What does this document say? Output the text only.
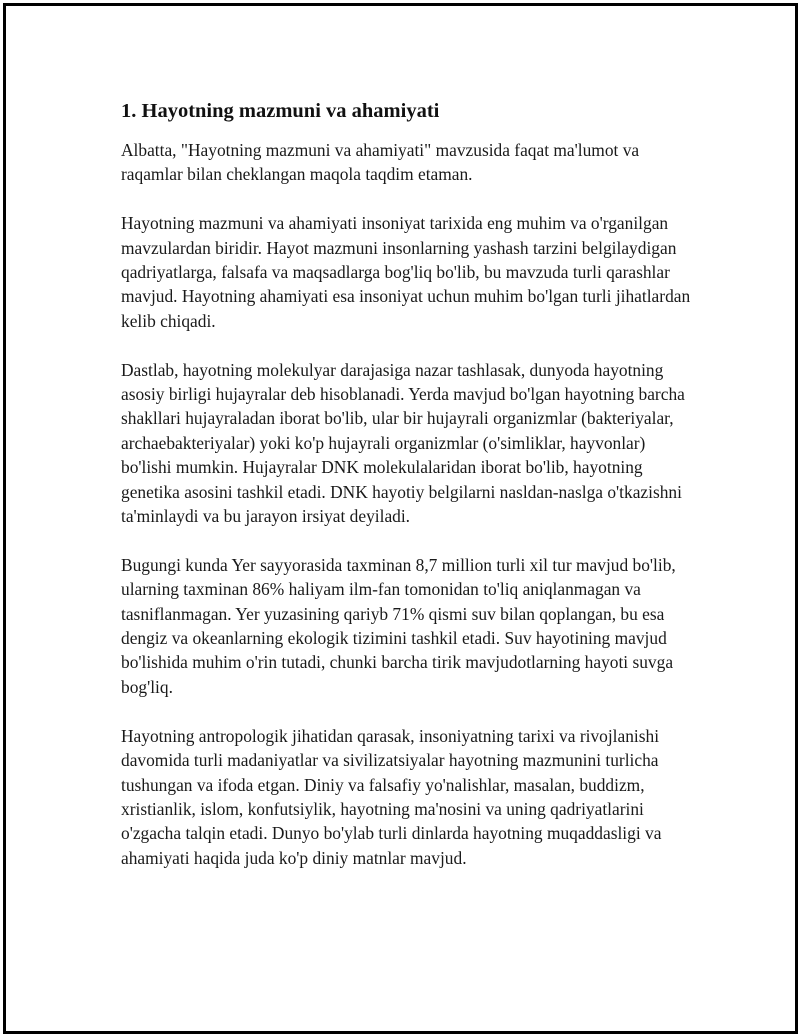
1. Hayotning mazmuni va ahamiyati

Albatta, "Hayotning mazmuni va ahamiyati" mavzusida faqat ma'lumot va raqamlar bilan cheklangan maqola taqdim etaman.

Hayotning mazmuni va ahamiyati insoniyat tarixida eng muhim va o'rganilgan mavzulardan biridir. Hayot mazmuni insonlarning yashash tarzini belgilaydigan qadriyatlarga, falsafa va maqsadlarga bog'liq bo'lib, bu mavzuda turli qarashlar mavjud. Hayotning ahamiyati esa insoniyat uchun muhim bo'lgan turli jihatlardan kelib chiqadi.

Dastlab, hayotning molekulyar darajasiga nazar tashlasak, dunyoda hayotning asosiy birligi hujayralar deb hisoblanadi. Yerda mavjud bo'lgan hayotning barcha shakllari hujayraladan iborat bo'lib, ular bir hujayrali organizmlar (bakteriyalar, archaebakteriyalar) yoki ko'p hujayrali organizmlar (o'simliklar, hayvonlar) bo'lishi mumkin. Hujayralar DNK molekulalaridan iborat bo'lib, hayotning genetika asosini tashkil etadi. DNK hayotiy belgilarni nasldan-naslga o'tkazishni ta'minlaydi va bu jarayon irsiyat deyiladi.

Bugungi kunda Yer sayyorasida taxminan 8,7 million turli xil tur mavjud bo'lib, ularning taxminan 86% haliyam ilm-fan tomonidan to'liq aniqlanmagan va tasniflanmagan. Yer yuzasining qariyb 71% qismi suv bilan qoplangan, bu esa dengiz va okeanlarning ekologik tizimini tashkil etadi. Suv hayotining mavjud bo'lishida muhim o'rin tutadi, chunki barcha tirik mavjudotlarning hayoti suvga bog'liq.

Hayotning antropologik jihatidan qarasak, insoniyatning tarixi va rivojlanishi davomida turli madaniyatlar va sivilizatsiyalar hayotning mazmunini turlicha tushungan va ifoda etgan. Diniy va falsafiy yo'nalishlar, masalan, buddizm, xristianlik, islom, konfutsiylik, hayotning ma'nosini va uning qadriyatlarini o'zgacha talqin etadi. Dunyo bo'ylab turli dinlarda hayotning muqaddasligi va ahamiyati haqida juda ko'p diniy matnlar mavjud.
